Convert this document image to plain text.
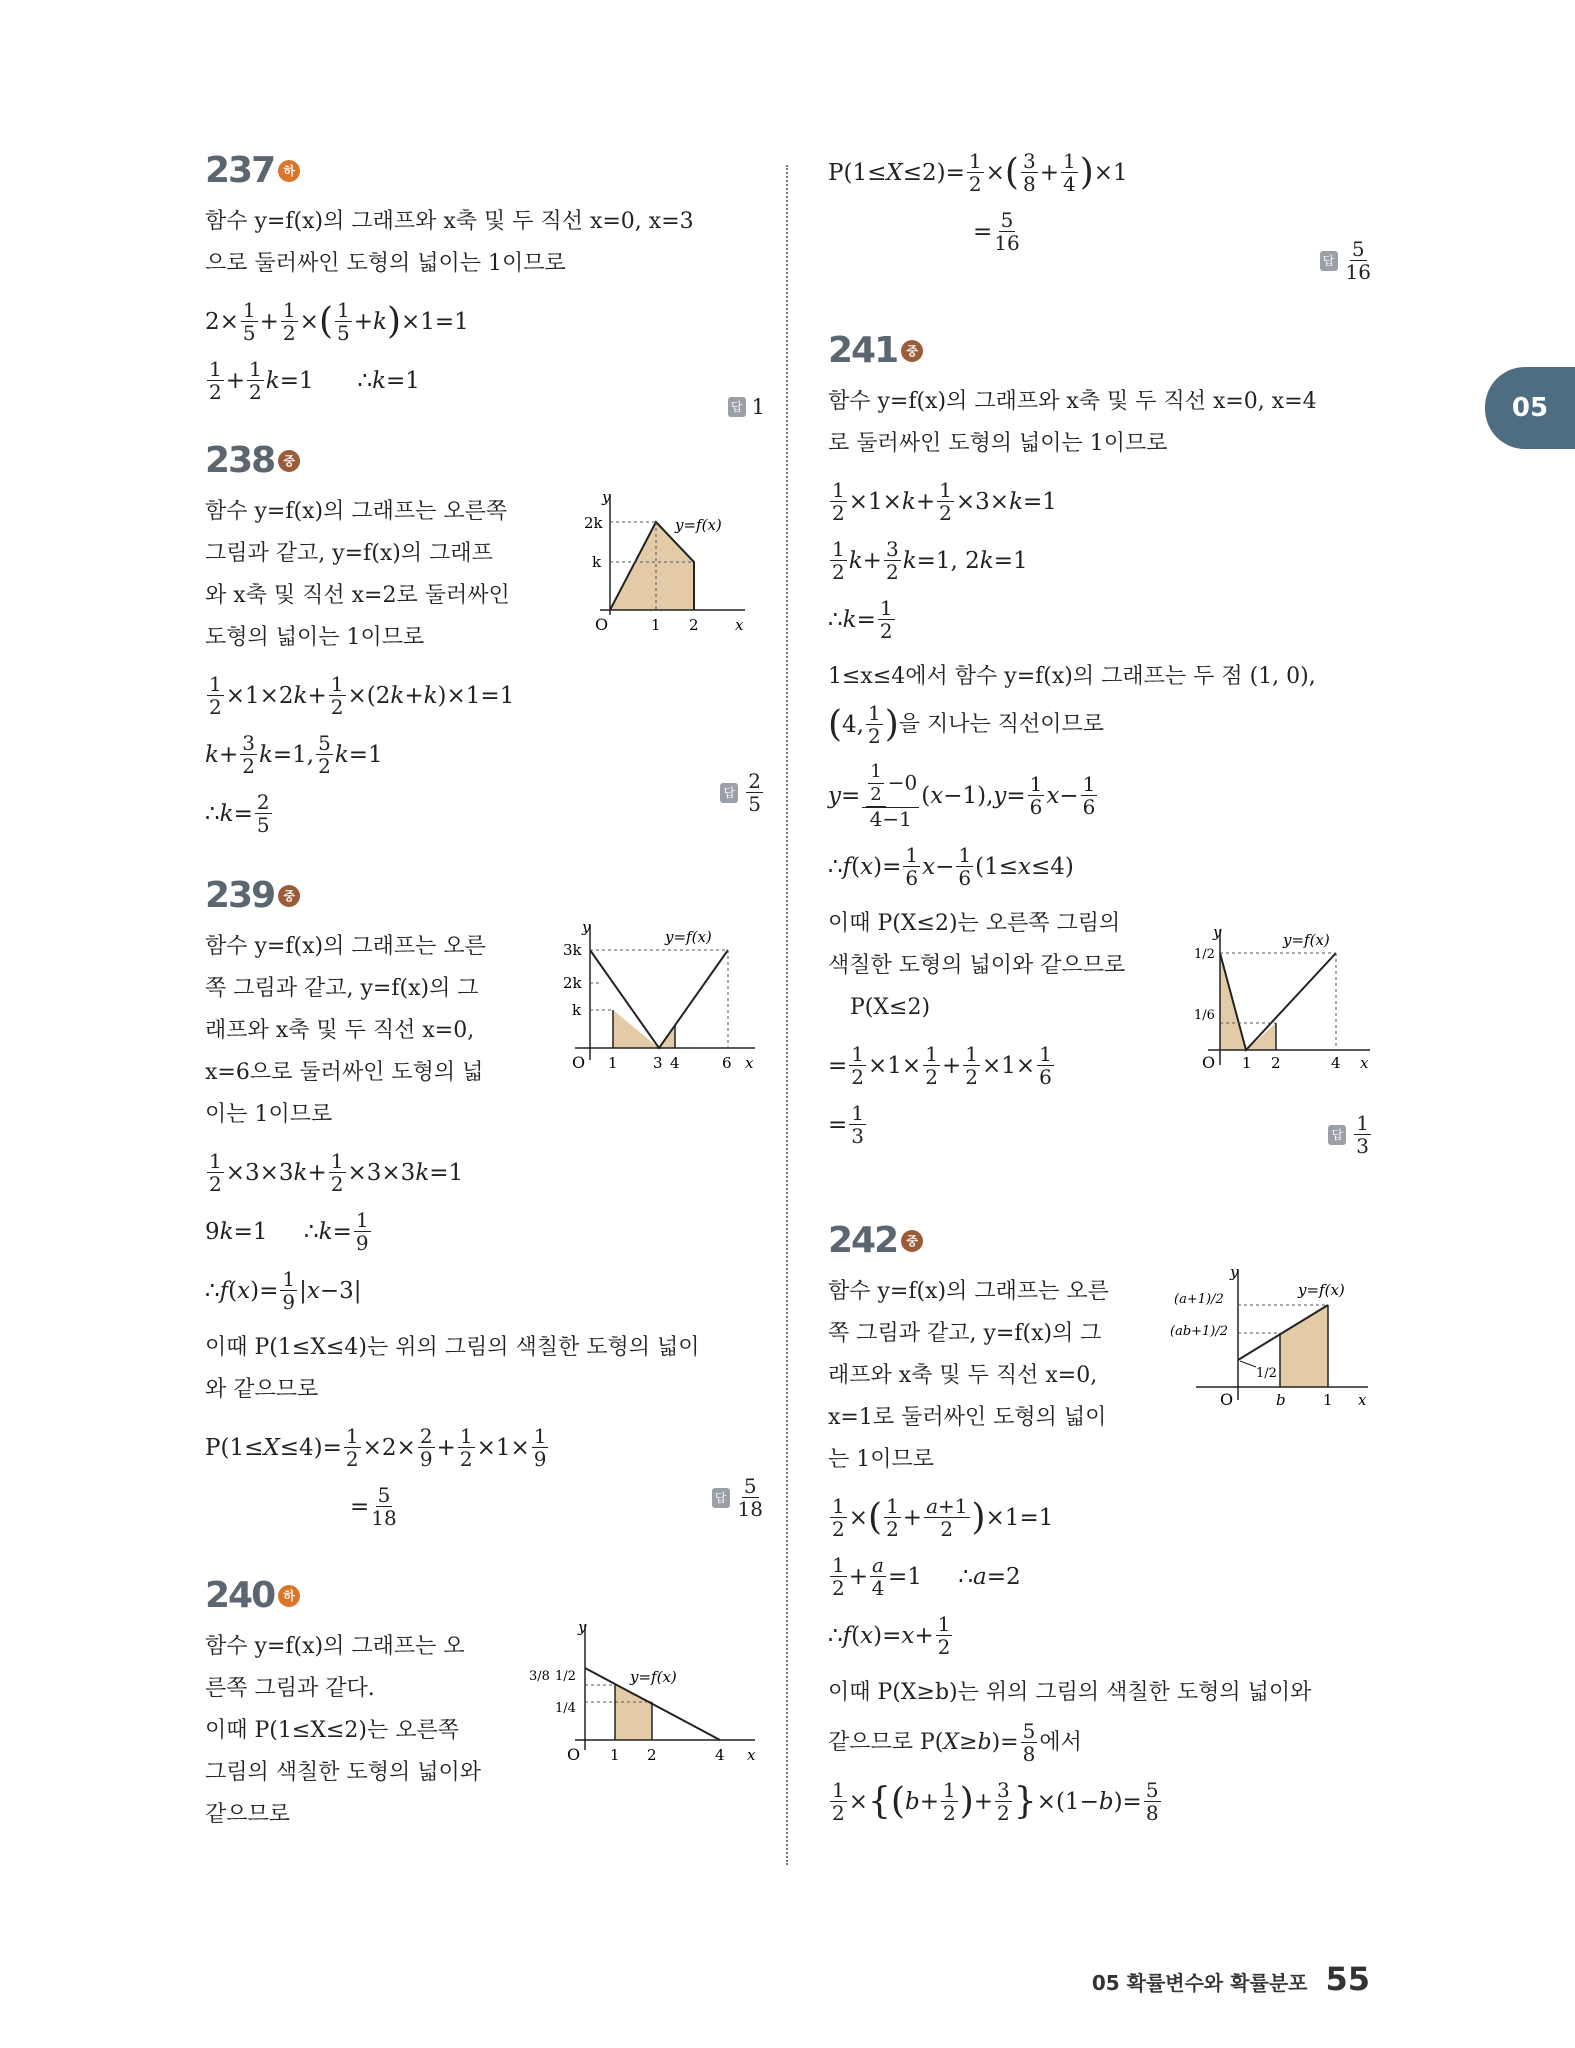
05
237 하
함수 y=f(x)의 그래프와 x축 및 두 직선 x=0, x=3
으로 둘러싸인 도형의 넓이는 1이므로
2× 1
5 + 1
2 × ( 1
5 + k ) ×1=1
1
2 + 1
2 k =1      ∴ k =1
답 1
238 중
함수 y=f(x)의 그래프는 오른쪽
그림과 같고, y=f(x)의 그래프
와 x축 및 직선 x=2로 둘러싸인
도형의 넓이는 1이므로
y
x
O
2k
k
1 2
y=f(x)
1
2 ×1×2 k + 1
2 ×(2 k + k )×1=1
k + 3
2 k =1, 5
2 k =1
∴ k = 2
5
답 2
5
239 중
함수 y=f(x)의 그래프는 오른
쪽 그림과 같고, y=f(x)의 그
래프와 x축 및 두 직선 x=0,
x=6으로 둘러싸인 도형의 넓
이는 1이므로
y
x
O
3k
2k
k
1 3 4	6
y=f(x)
1
2 ×3×3 k + 1
2 ×3×3 k =1
9 k =1     ∴ k = 1
9
∴ f ( x )= 1
9 | x −3|
이때 P(1≤X≤4)는 위의 그림의 색칠한 도형의 넓이
와 같으므로
P(1≤ X ≤4)= 1
2 ×2× 2
9 + 1
2 ×1× 1
9
= 5
18
답 5
18
240 하
함수 y=f(x)의 그래프는 오
른쪽 그림과 같다.
이때 P(1≤X≤2)는 오른쪽
그림의 색칠한 도형의 넓이와
같으므로
y
x
O
3/8 1/2
1/4
1 2	4
y=f(x)
P(1≤ X ≤2)= 1
2 × ( 3
8 + 1
4 ) ×1
= 5
16
답 5
16
241 중
함수 y=f(x)의 그래프와 x축 및 두 직선 x=0, x=4
로 둘러싸인 도형의 넓이는 1이므로
1
2 ×1× k + 1
2 ×3× k =1
1
2 k + 3
2 k =1, 2 k =1
∴ k = 1
2
1≤x≤4에서 함수 y=f(x)의 그래프는 두 점 (1, 0),
( 4, 1
2 ) 을 지나는 직선이므로
$y = \frac{1}{2} -0$
4−1
( x −1), y = 1
6 x − 1
6
∴ f ( x )= 1
6 x − 1
6 (1≤ x ≤4)
이때 P(X≤2)는 오른쪽 그림의
색칠한 도형의 넓이와 같으므로
P(X≤2)
= 1
2 ×1× 1
2 + 1
2 ×1× 1
6
= 1
3
y
x
O
1/2
1/6
1 2	4
y=f(x)
답 1
3
242 중
함수 y=f(x)의 그래프는 오른
쪽 그림과 같고, y=f(x)의 그
래프와 x축 및 두 직선 x=0,
x=1로 둘러싸인 도형의 넓이
는 1이므로
y
x
O
(a+1)/2
(ab+1)/2
1/2
b 1
y=f(x)
1
2 × ( 1
2 + a+1
2 ) ×1=1
1
2 + a
4 =1     ∴ a =2
∴ f ( x )= x + 1
2
이때 P(X≥b)는 위의 그림의 색칠한 도형의 넓이와
같으므로 P( X ≥ b )= 5
8 에서
1
2 × { ( b + 1
2 ) + 3
2 } ×(1− b )= 5
8
05 확률변수와 확률분포 55
